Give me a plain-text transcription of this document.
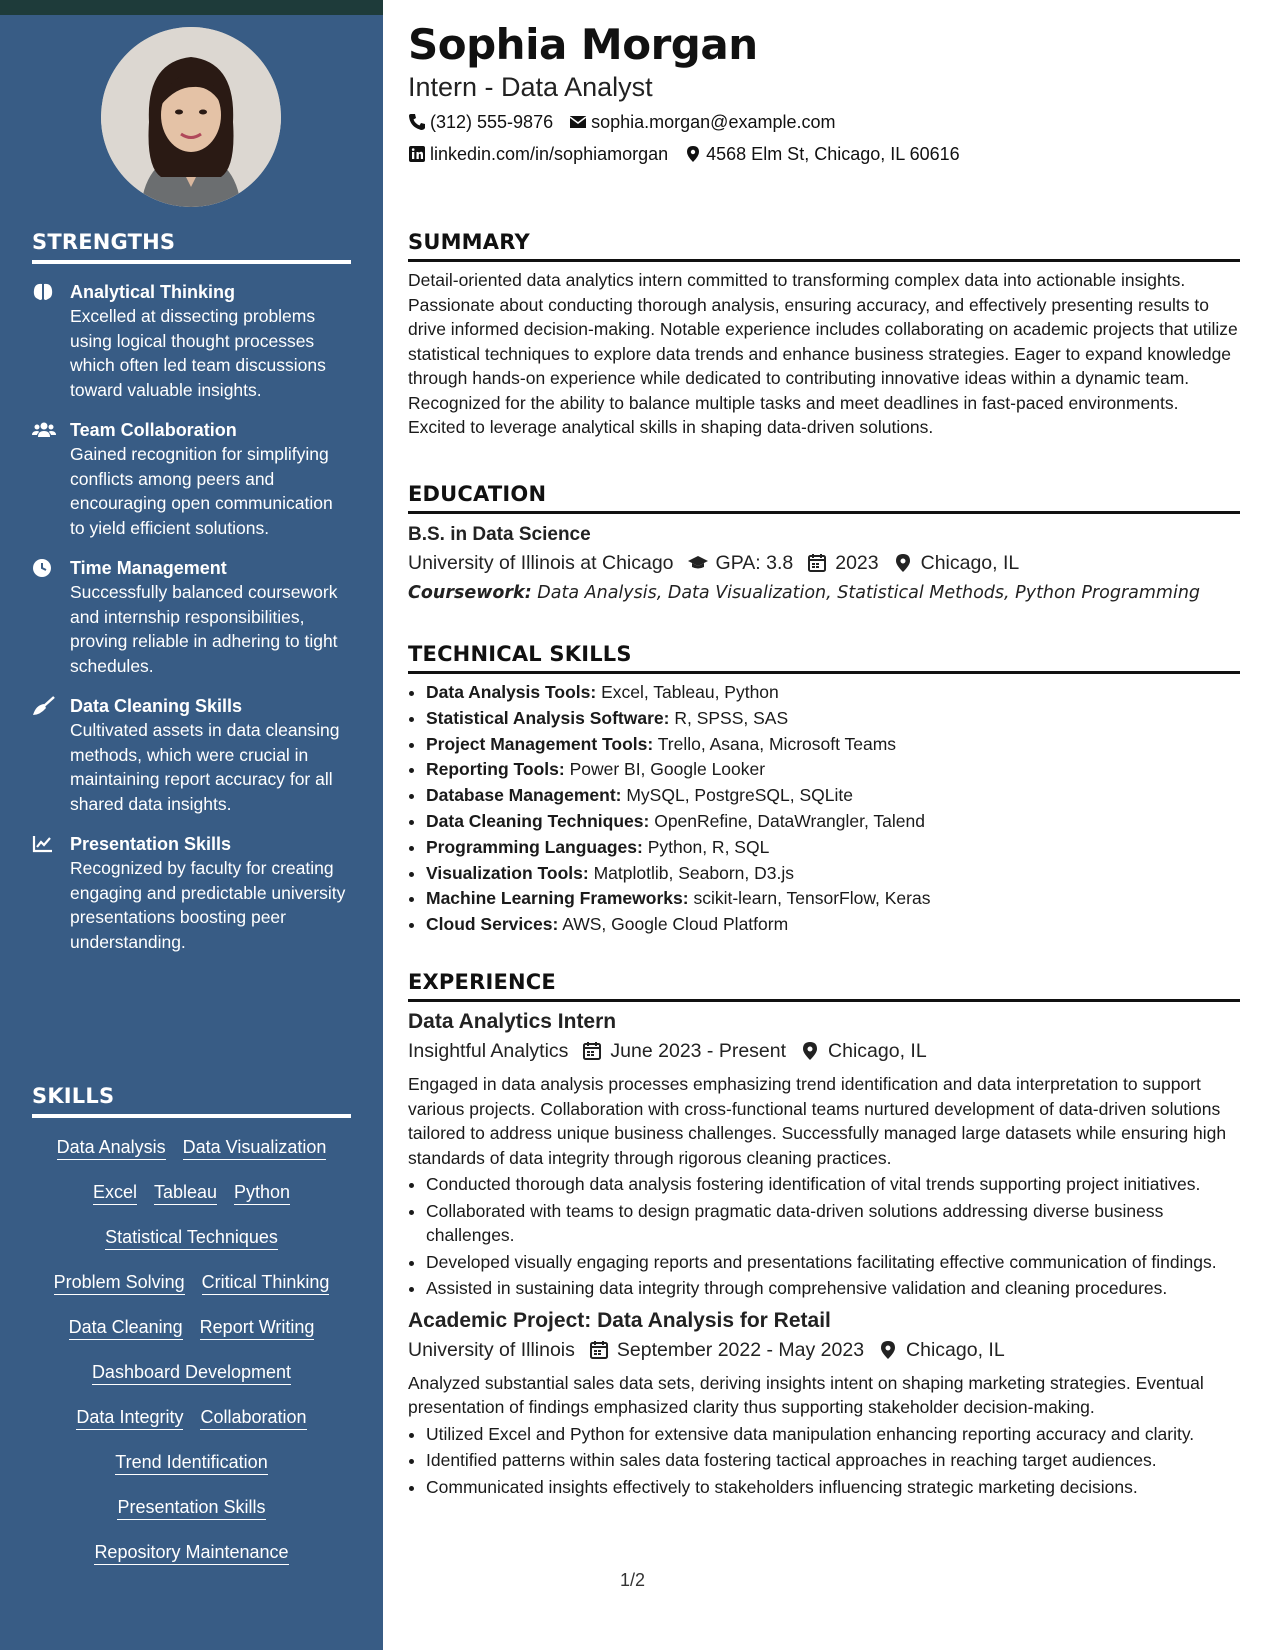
STRENGTHS
Analytical Thinking
Excelled at dissecting problems using logical thought processes which often led team discussions toward valuable insights.
Team Collaboration
Gained recognition for simplifying conflicts among peers and encouraging open communication to yield efficient solutions.
Time Management
Successfully balanced coursework and internship responsibilities, proving reliable in adhering to tight schedules.
Data Cleaning Skills
Cultivated assets in data cleansing methods, which were crucial in maintaining report accuracy for all shared data insights.
Presentation Skills
Recognized by faculty for creating engaging and predictable university presentations boosting peer understanding.
SKILLS
Data Analysis Data Visualization
Excel Tableau Python
Statistical Techniques
Problem Solving Critical Thinking
Data Cleaning Report Writing
Dashboard Development
Data Integrity Collaboration
Trend Identification
Presentation Skills
Repository Maintenance
Sophia Morgan
Intern - Data Analyst
(312) 555-9876 sophia.morgan@example.com
linkedin.com/in/sophiamorgan 4568 Elm St, Chicago, IL 60616
SUMMARY
Detail-oriented data analytics intern committed to transforming complex data into actionable insights. Passionate about conducting thorough analysis, ensuring accuracy, and effectively presenting results to drive informed decision-making. Notable experience includes collaborating on academic projects that utilize statistical techniques to explore data trends and enhance business strategies. Eager to expand knowledge through hands-on experience while dedicated to contributing innovative ideas within a dynamic team. Recognized for the ability to balance multiple tasks and meet deadlines in fast-paced environments. Excited to leverage analytical skills in shaping data-driven solutions.
EDUCATION
B.S. in Data Science
University of Illinois at Chicago GPA: 3.8 2023 Chicago, IL
Coursework: Data Analysis, Data Visualization, Statistical Methods, Python Programming
TECHNICAL SKILLS
• Data Analysis Tools: Excel, Tableau, Python
• Statistical Analysis Software: R, SPSS, SAS
• Project Management Tools: Trello, Asana, Microsoft Teams
• Reporting Tools: Power BI, Google Looker
• Database Management: MySQL, PostgreSQL, SQLite
• Data Cleaning Techniques: OpenRefine, DataWrangler, Talend
• Programming Languages: Python, R, SQL
• Visualization Tools: Matplotlib, Seaborn, D3.js
• Machine Learning Frameworks: scikit-learn, TensorFlow, Keras
• Cloud Services: AWS, Google Cloud Platform
EXPERIENCE
Data Analytics Intern
Insightful Analytics June 2023 - Present Chicago, IL
Engaged in data analysis processes emphasizing trend identification and data interpretation to support various projects. Collaboration with cross-functional teams nurtured development of data-driven solutions tailored to address unique business challenges. Successfully managed large datasets while ensuring high standards of data integrity through rigorous cleaning practices.
• Conducted thorough data analysis fostering identification of vital trends supporting project initiatives.
• Collaborated with teams to design pragmatic data-driven solutions addressing diverse business challenges.
• Developed visually engaging reports and presentations facilitating effective communication of findings.
• Assisted in sustaining data integrity through comprehensive validation and cleaning procedures.
Academic Project: Data Analysis for Retail
University of Illinois September 2022 - May 2023 Chicago, IL
Analyzed substantial sales data sets, deriving insights intent on shaping marketing strategies. Eventual presentation of findings emphasized clarity thus supporting stakeholder decision-making.
• Utilized Excel and Python for extensive data manipulation enhancing reporting accuracy and clarity.
• Identified patterns within sales data fostering tactical approaches in reaching target audiences.
• Communicated insights effectively to stakeholders influencing strategic marketing decisions.
1/2
